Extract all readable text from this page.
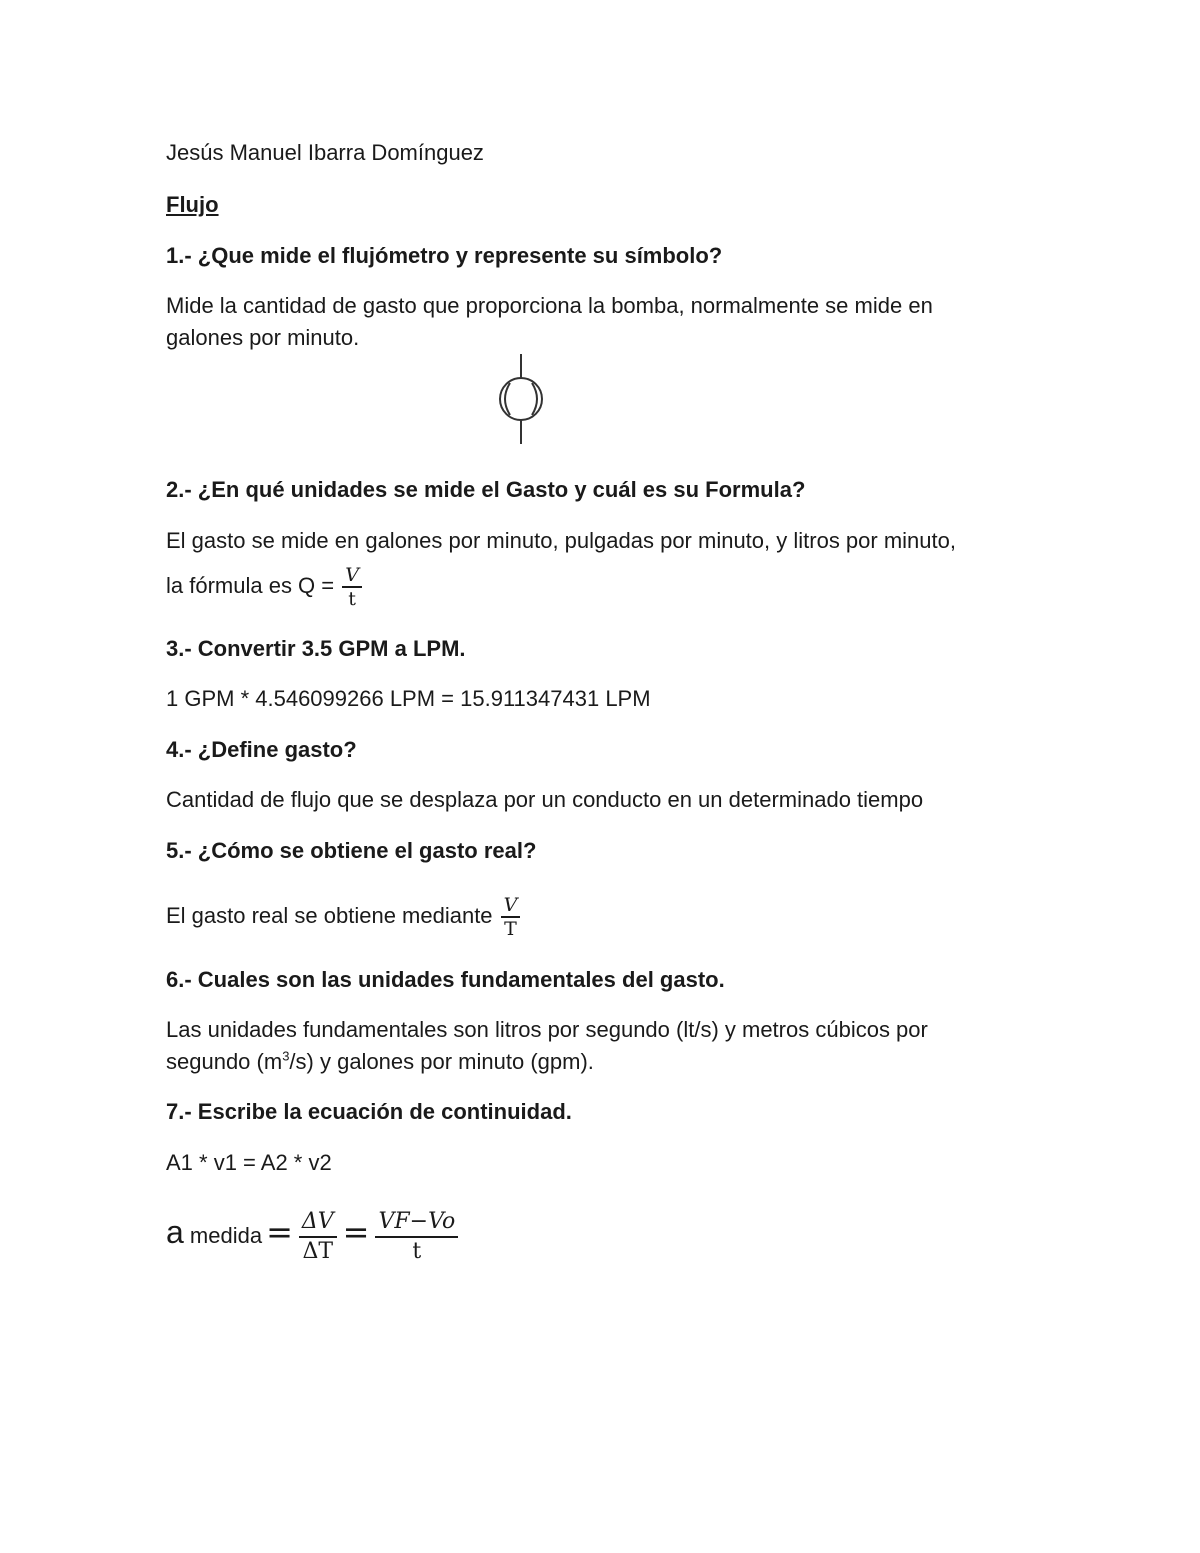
Jesús Manuel Ibarra Domínguez
Flujo
1.- ¿Que mide el flujómetro y represente su símbolo?
Mide la cantidad de gasto que proporciona la bomba, normalmente se mide en
galones por minuto.
2.- ¿En qué unidades se mide el Gasto y cuál es su Formula?
El gasto se mide en galones por minuto, pulgadas por minuto, y litros por minuto,
la fórmula es $Q = \frac{V}{t}$
3.- Convertir 3.5 GPM a LPM.
1 GPM * 4.546099266 LPM = 15.911347431 LPM
4.- ¿Define gasto?
Cantidad de flujo que se desplaza por un conducto en un determinado tiempo
5.- ¿Cómo se obtiene el gasto real?
El gasto real se obtiene mediante $\frac{V}{T}$
6.- Cuales son las unidades fundamentales del gasto.
Las unidades fundamentales son litros por segundo (lt/s) y metros cúbicos por
segundo $(m^3/s)$ y galones por minuto (gpm).
7.- Escribe la ecuación de continuidad.
A1 * v1 = A2 * v2
a medida = $\frac{\Delta V}{\Delta T} = \frac{VF-Vo}{t}$
